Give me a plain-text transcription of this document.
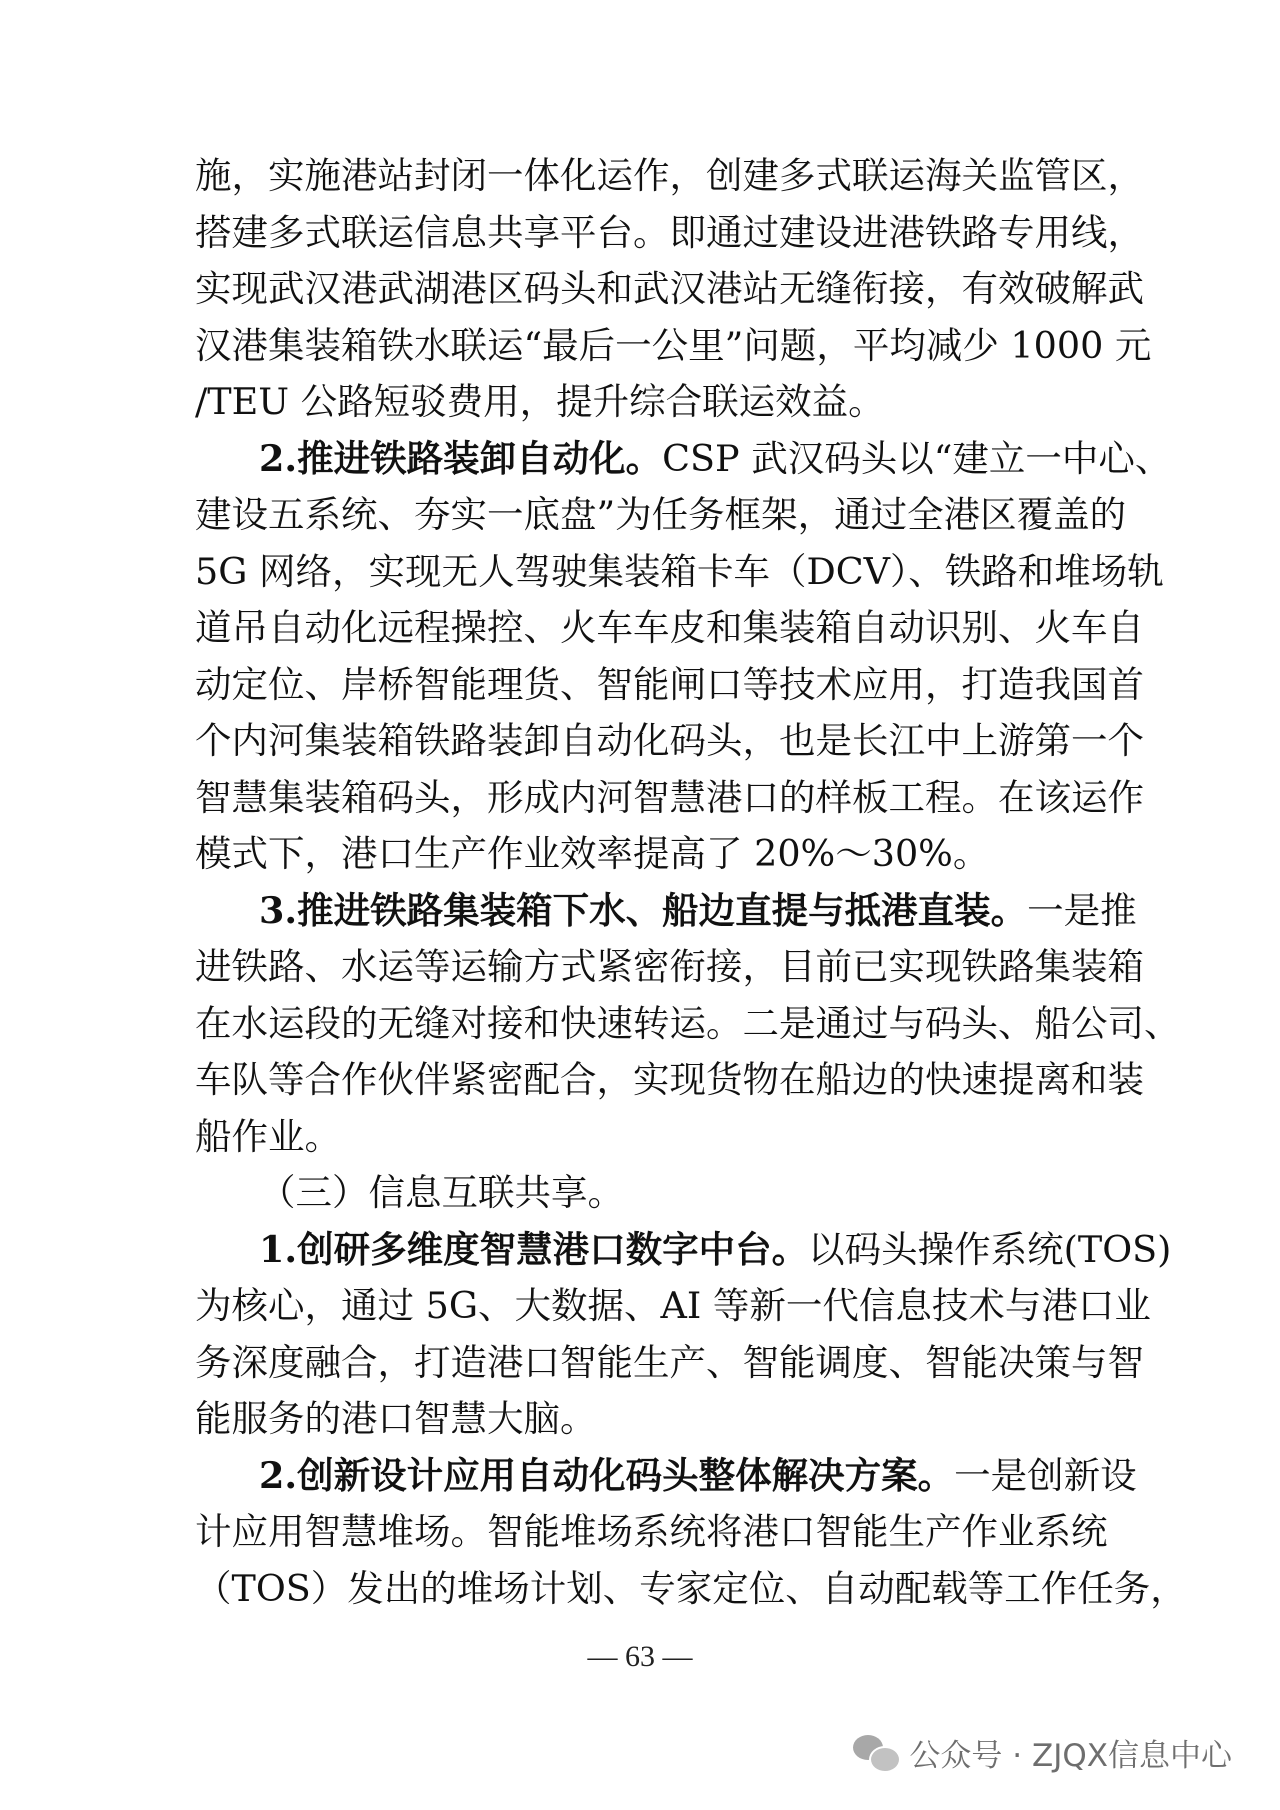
施，实施港站封闭一体化运作，创建多式联运海关监管区，
搭建多式联运信息共享平台。即通过建设进港铁路专用线，
实现武汉港武湖港区码头和武汉港站无缝衔接，有效破解武
汉港集装箱铁水联运“最后一公里”问题，平均减少 1000 元
/TEU 公路短驳费用，提升综合联运效益。
2.推进铁路装卸自动化。CSP 武汉码头以“建立一中心、
建设五系统、夯实一底盘”为任务框架，通过全港区覆盖的
5G 网络，实现无人驾驶集装箱卡车（DCV）、铁路和堆场轨
道吊自动化远程操控、火车车皮和集装箱自动识别、火车自
动定位、岸桥智能理货、智能闸口等技术应用，打造我国首
个内河集装箱铁路装卸自动化码头，也是长江中上游第一个
智慧集装箱码头，形成内河智慧港口的样板工程。在该运作
模式下，港口生产作业效率提高了 20%～30%。
3.推进铁路集装箱下水、船边直提与抵港直装。一是推
进铁路、水运等运输方式紧密衔接，目前已实现铁路集装箱
在水运段的无缝对接和快速转运。二是通过与码头、船公司、
车队等合作伙伴紧密配合，实现货物在船边的快速提离和装
船作业。
（三）信息互联共享。
1.创研多维度智慧港口数字中台。以码头操作系统(TOS)
为核心，通过 5G、大数据、AI 等新一代信息技术与港口业
务深度融合，打造港口智能生产、智能调度、智能决策与智
能服务的港口智慧大脑。
2.创新设计应用自动化码头整体解决方案。一是创新设
计应用智慧堆场。智能堆场系统将港口智能生产作业系统
（TOS）发出的堆场计划、专家定位、自动配载等工作任务，
— 63 —
公众号 · ZJQX信息中心
